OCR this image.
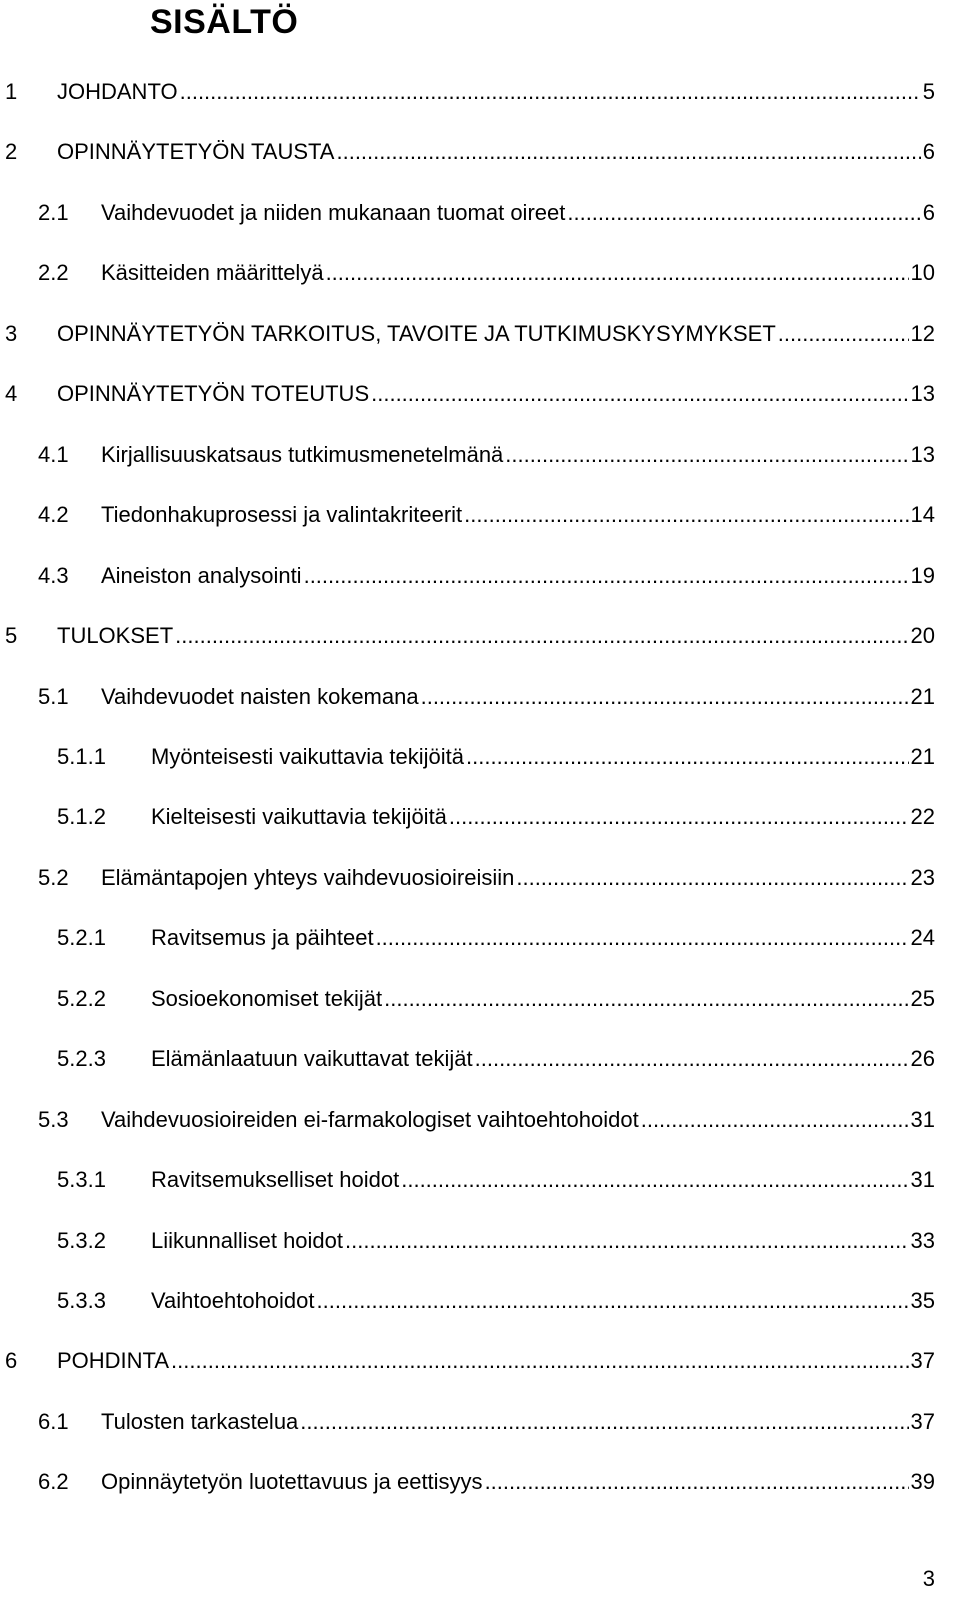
SISÄLTÖ
1 JOHDANTO .....	5
2 OPINNÄYTETYÖN TAUSTA .....	6
2.1 Vaihdevuodet ja niiden mukanaan tuomat oireet .....	6
2.2 Käsitteiden määrittelyä .....	10
3 OPINNÄYTETYÖN TARKOITUS, TAVOITE JA TUTKIMUSKYSYMYKSET .....	12
4 OPINNÄYTETYÖN TOTEUTUS .....	13
4.1 Kirjallisuuskatsaus tutkimusmenetelmänä .....	13
4.2 Tiedonhakuprosessi ja valintakriteerit .....	14
4.3 Aineiston analysointi .....	19
5 TULOKSET .....	20
5.1 Vaihdevuodet naisten kokemana .....	21
5.1.1 Myönteisesti vaikuttavia tekijöitä .....	21
5.1.2 Kielteisesti vaikuttavia tekijöitä .....	22
5.2 Elämäntapojen yhteys vaihdevuosioireisiin .....	23
5.2.1 Ravitsemus ja päihteet .....	24
5.2.2 Sosioekonomiset tekijät .....	25
5.2.3 Elämänlaatuun vaikuttavat tekijät .....	26
5.3 Vaihdevuosioireiden ei-farmakologiset vaihtoehtohoidot .....	31
5.3.1 Ravitsemukselliset hoidot .....	31
5.3.2 Liikunnalliset hoidot .....	33
5.3.3 Vaihtoehtohoidot .....	35
6 POHDINTA .....	37
6.1 Tulosten tarkastelua .....	37
6.2 Opinnäytetyön luotettavuus ja eettisyys .....	39
3
